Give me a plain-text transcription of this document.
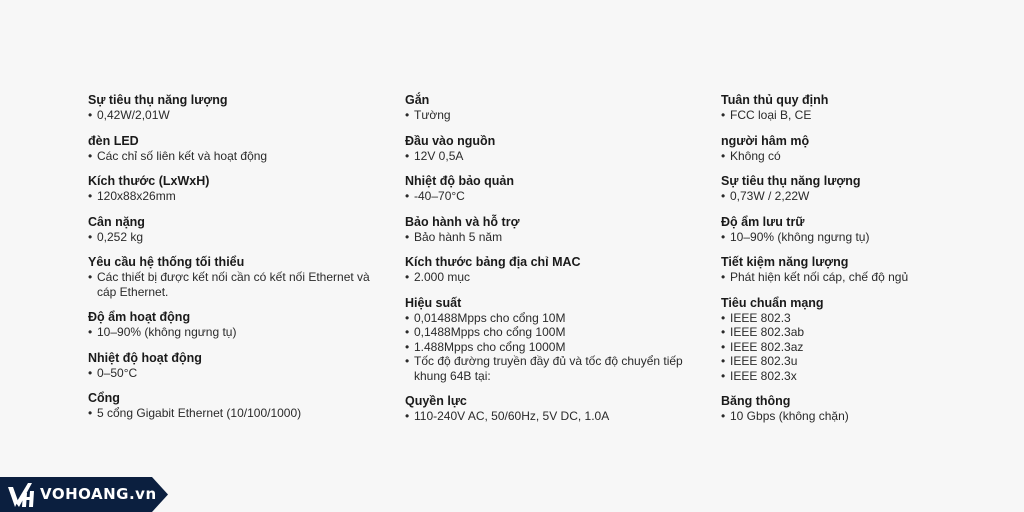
Sự tiêu thụ năng lượng
• 0,42W/2,01W
đèn LED
• Các chỉ số liên kết và hoạt động
Kích thước (LxWxH)
• 120x88x26mm
Cân nặng
• 0,252 kg
Yêu cầu hệ thống tối thiểu
• Các thiết bị được kết nối cần có kết nối Ethernet và cáp Ethernet.
Độ ẩm hoạt động
• 10–90% (không ngưng tụ)
Nhiệt độ hoạt động
• 0–50°C
Cổng
• 5 cổng Gigabit Ethernet (10/100/1000)
Gắn
• Tường
Đầu vào nguồn
• 12V 0,5A
Nhiệt độ bảo quản
• -40–70°C
Bảo hành và hỗ trợ
• Bảo hành 5 năm
Kích thước bảng địa chỉ MAC
• 2.000 mục
Hiệu suất
• 0,01488Mpps cho cổng 10M
• 0,1488Mpps cho cổng 100M
• 1.488Mpps cho cổng 1000M
• Tốc độ đường truyền đầy đủ và tốc độ chuyển tiếp khung 64B tại:
Quyền lực
• 110-240V AC, 50/60Hz, 5V DC, 1.0A
Tuân thủ quy định
• FCC loại B, CE
người hâm mộ
• Không có
Sự tiêu thụ năng lượng
• 0,73W / 2,22W
Độ ẩm lưu trữ
• 10–90% (không ngưng tụ)
Tiết kiệm năng lượng
• Phát hiện kết nối cáp, chế độ ngủ
Tiêu chuẩn mạng
• IEEE 802.3
• IEEE 802.3ab
• IEEE 802.3az
• IEEE 802.3u
• IEEE 802.3x
Băng thông
• 10 Gbps (không chặn)
VOHOANG.vn
